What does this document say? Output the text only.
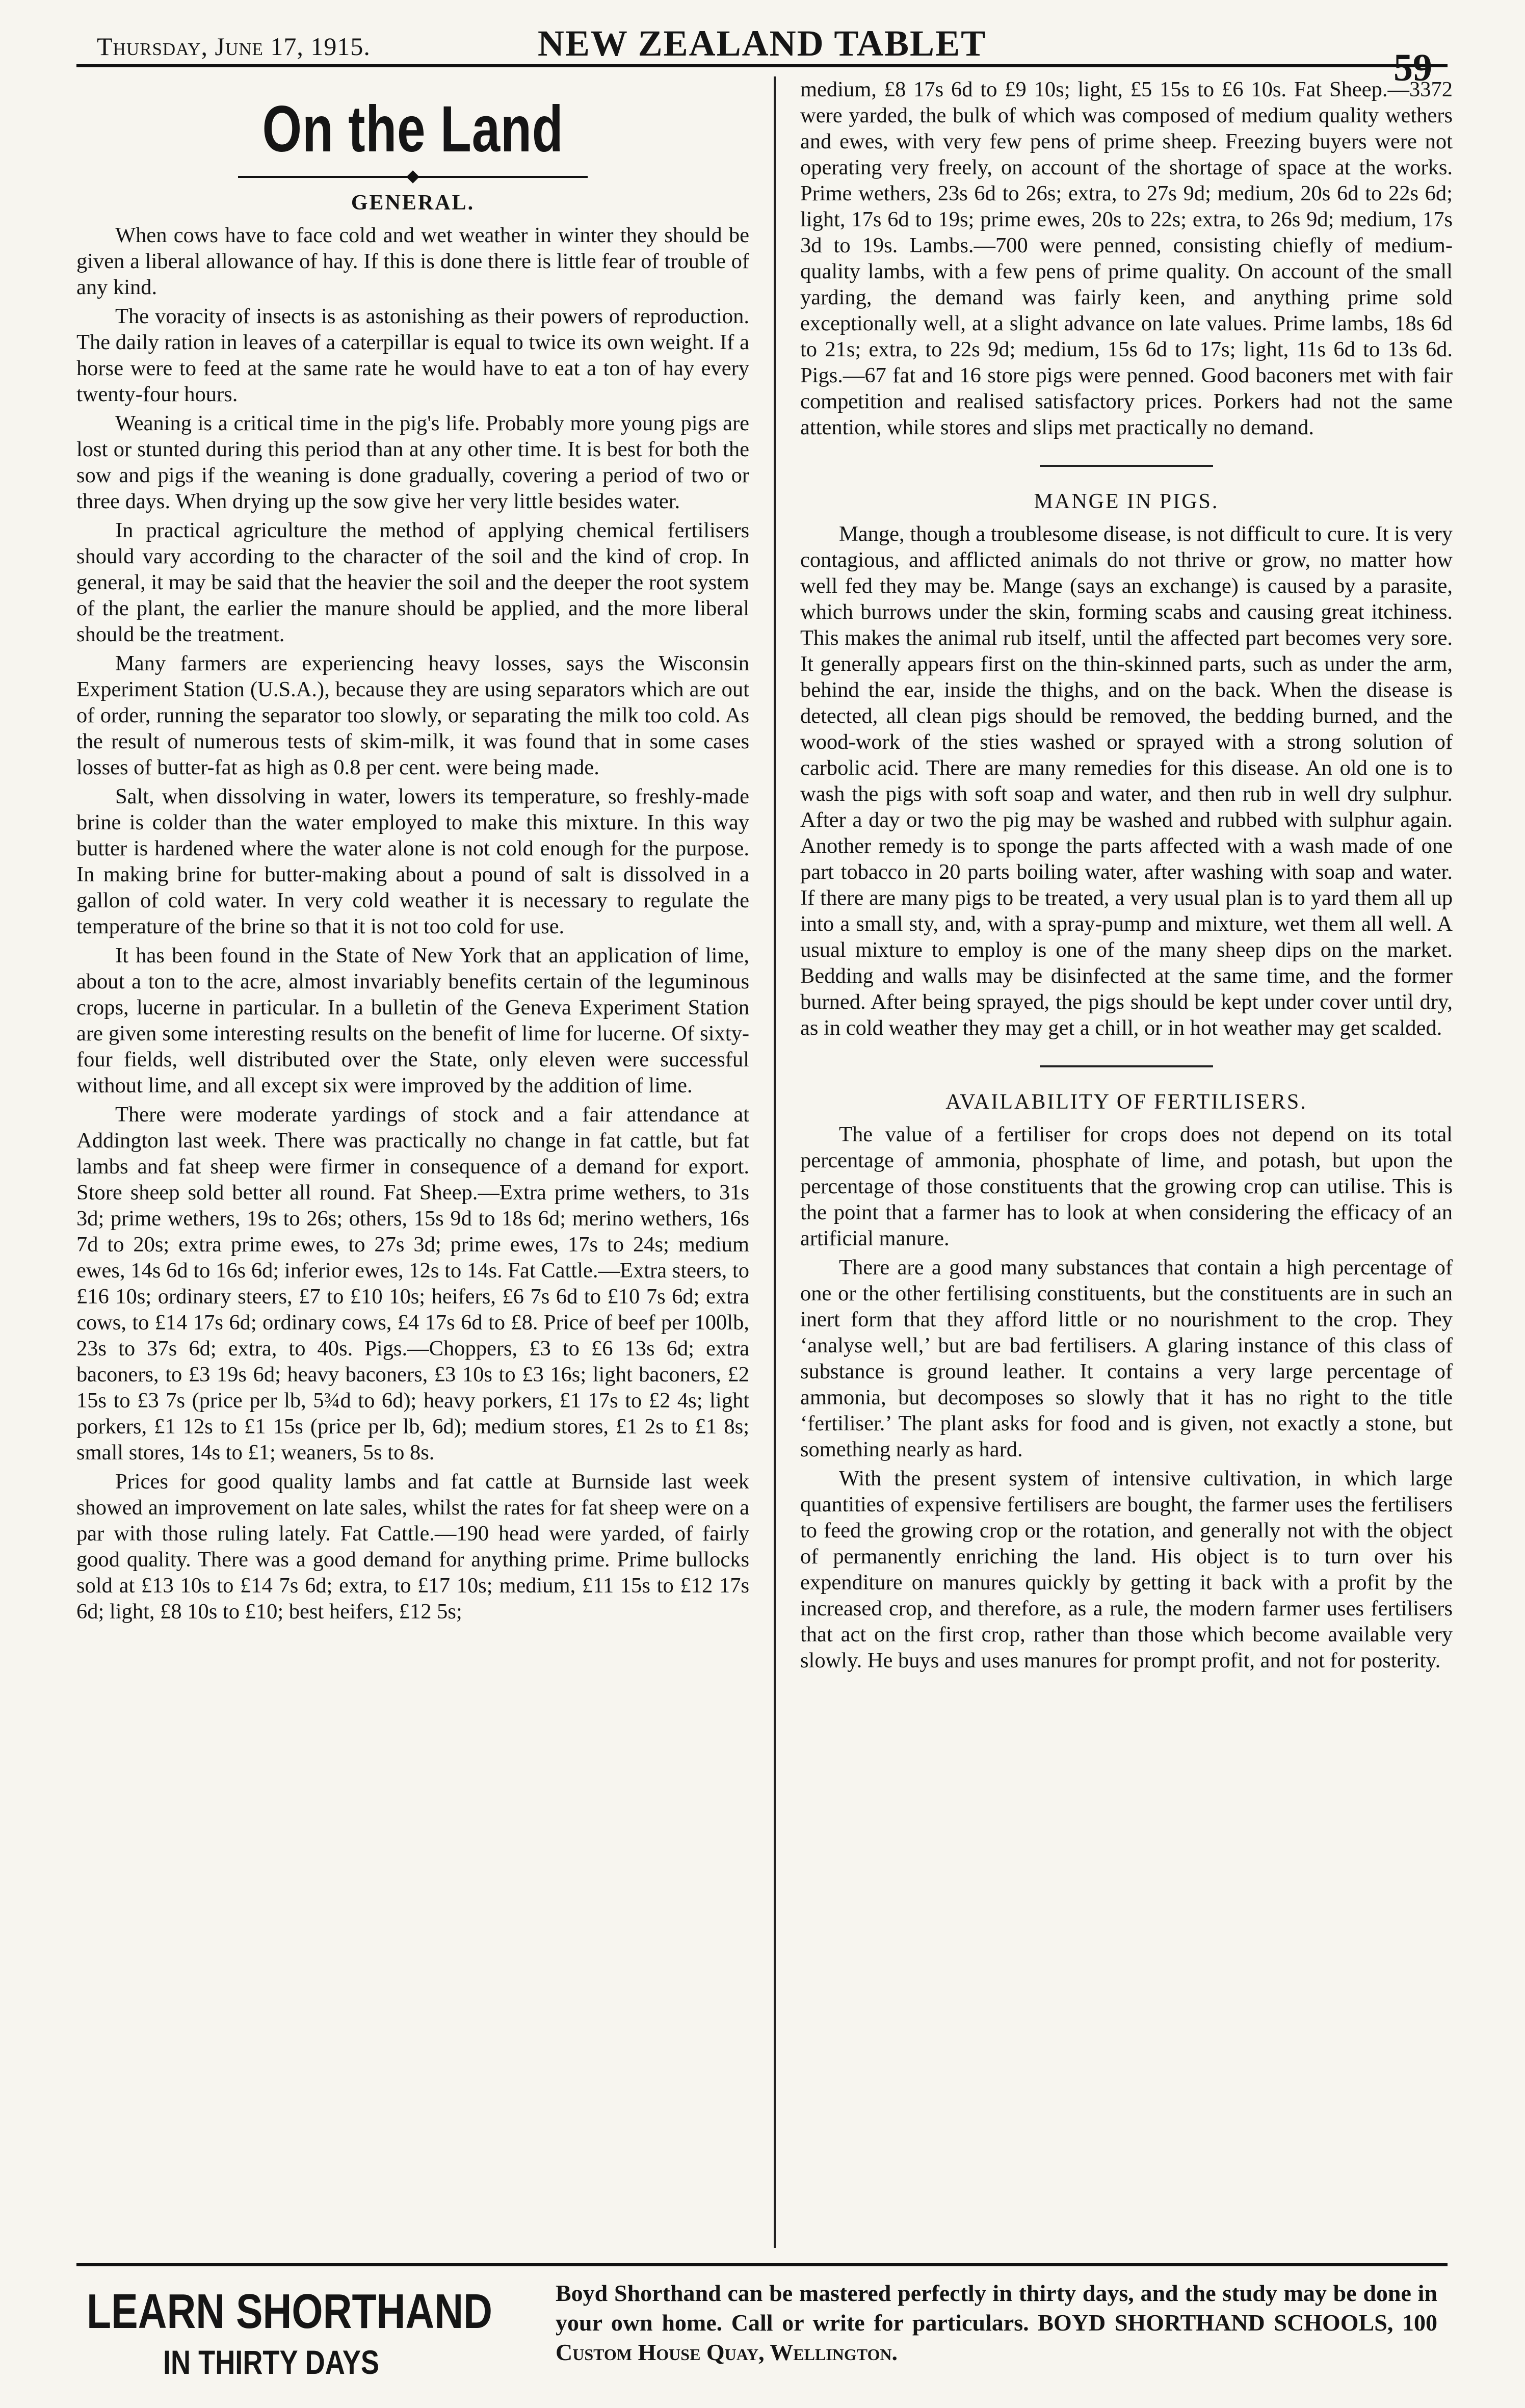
Thursday, June 17, 1915.	NEW ZEALAND TABLET
59
On the Land
GENERAL.

When cows have to face cold and wet weather in winter they should be given a liberal allowance of hay. If this is done there is little fear of trouble of any kind.

The voracity of insects is as astonishing as their powers of reproduction. The daily ration in leaves of a caterpillar is equal to twice its own weight. If a horse were to feed at the same rate he would have to eat a ton of hay every twenty-four hours.

Weaning is a critical time in the pig's life. Probably more young pigs are lost or stunted during this period than at any other time. It is best for both the sow and pigs if the weaning is done gradually, covering a period of two or three days. When drying up the sow give her very little besides water.

In practical agriculture the method of applying chemical fertilisers should vary according to the character of the soil and the kind of crop. In general, it may be said that the heavier the soil and the deeper the root system of the plant, the earlier the manure should be applied, and the more liberal should be the treatment.

Many farmers are experiencing heavy losses, says the Wisconsin Experiment Station (U.S.A.), because they are using separators which are out of order, running the separator too slowly, or separating the milk too cold. As the result of numerous tests of skim-milk, it was found that in some cases losses of butter-fat as high as 0.8 per cent. were being made.

Salt, when dissolving in water, lowers its temperature, so freshly-made brine is colder than the water employed to make this mixture. In this way butter is hardened where the water alone is not cold enough for the purpose. In making brine for butter-making about a pound of salt is dissolved in a gallon of cold water. In very cold weather it is necessary to regulate the temperature of the brine so that it is not too cold for use.

It has been found in the State of New York that an application of lime, about a ton to the acre, almost invariably benefits certain of the leguminous crops, lucerne in particular. In a bulletin of the Geneva Experiment Station are given some interesting results on the benefit of lime for lucerne. Of sixty-four fields, well distributed over the State, only eleven were successful without lime, and all except six were improved by the addition of lime.

There were moderate yardings of stock and a fair attendance at Addington last week. There was practically no change in fat cattle, but fat lambs and fat sheep were firmer in consequence of a demand for export. Store sheep sold better all round. Fat Sheep.—Extra prime wethers, to 31s 3d; prime wethers, 19s to 26s; others, 15s 9d to 18s 6d; merino wethers, 16s 7d to 20s; extra prime ewes, to 27s 3d; prime ewes, 17s to 24s; medium ewes, 14s 6d to 16s 6d; inferior ewes, 12s to 14s. Fat Cattle.—Extra steers, to £16 10s; ordinary steers, £7 to £10 10s; heifers, £6 7s 6d to £10 7s 6d; extra cows, to £14 17s 6d; ordinary cows, £4 17s 6d to £8. Price of beef per 100lb, 23s to 37s 6d; extra, to 40s. Pigs.—Choppers, £3 to £6 13s 6d; extra baconers, to £3 19s 6d; heavy baconers, £3 10s to £3 16s; light baconers, £2 15s to £3 7s (price per lb, 5¾d to 6d); heavy porkers, £1 17s to £2 4s; light porkers, £1 12s to £1 15s (price per lb, 6d); medium stores, £1 2s to £1 8s; small stores, 14s to £1; weaners, 5s to 8s.

Prices for good quality lambs and fat cattle at Burnside last week showed an improvement on late sales, whilst the rates for fat sheep were on a par with those ruling lately. Fat Cattle.—190 head were yarded, of fairly good quality. There was a good demand for anything prime. Prime bullocks sold at £13 10s to £14 7s 6d; extra, to £17 10s; medium, £11 15s to £12 17s 6d; light, £8 10s to £10; best heifers, £12 5s;

medium, £8 17s 6d to £9 10s; light, £5 15s to £6 10s. Fat Sheep.—3372 were yarded, the bulk of which was composed of medium quality wethers and ewes, with very few pens of prime sheep. Freezing buyers were not operating very freely, on account of the shortage of space at the works. Prime wethers, 23s 6d to 26s; extra, to 27s 9d; medium, 20s 6d to 22s 6d; light, 17s 6d to 19s; prime ewes, 20s to 22s; extra, to 26s 9d; medium, 17s 3d to 19s. Lambs.—700 were penned, consisting chiefly of medium-quality lambs, with a few pens of prime quality. On account of the small yarding, the demand was fairly keen, and anything prime sold exceptionally well, at a slight advance on late values. Prime lambs, 18s 6d to 21s; extra, to 22s 9d; medium, 15s 6d to 17s; light, 11s 6d to 13s 6d. Pigs.—67 fat and 16 store pigs were penned. Good baconers met with fair competition and realised satisfactory prices. Porkers had not the same attention, while stores and slips met practically no demand.

MANGE IN PIGS.

Mange, though a troublesome disease, is not difficult to cure. It is very contagious, and afflicted animals do not thrive or grow, no matter how well fed they may be. Mange (says an exchange) is caused by a parasite, which burrows under the skin, forming scabs and causing great itchiness. This makes the animal rub itself, until the affected part becomes very sore. It generally appears first on the thin-skinned parts, such as under the arm, behind the ear, inside the thighs, and on the back. When the disease is detected, all clean pigs should be removed, the bedding burned, and the wood-work of the sties washed or sprayed with a strong solution of carbolic acid. There are many remedies for this disease. An old one is to wash the pigs with soft soap and water, and then rub in well dry sulphur. After a day or two the pig may be washed and rubbed with sulphur again. Another remedy is to sponge the parts affected with a wash made of one part tobacco in 20 parts boiling water, after washing with soap and water. If there are many pigs to be treated, a very usual plan is to yard them all up into a small sty, and, with a spray-pump and mixture, wet them all well. A usual mixture to employ is one of the many sheep dips on the market. Bedding and walls may be disinfected at the same time, and the former burned. After being sprayed, the pigs should be kept under cover until dry, as in cold weather they may get a chill, or in hot weather may get scalded.

AVAILABILITY OF FERTILISERS.

The value of a fertiliser for crops does not depend on its total percentage of ammonia, phosphate of lime, and potash, but upon the percentage of those constituents that the growing crop can utilise. This is the point that a farmer has to look at when considering the efficacy of an artificial manure.

There are a good many substances that contain a high percentage of one or the other fertilising constituents, but the constituents are in such an inert form that they afford little or no nourishment to the crop. They ‘analyse well,’ but are bad fertilisers. A glaring instance of this class of substance is ground leather. It contains a very large percentage of ammonia, but decomposes so slowly that it has no right to the title ‘fertiliser.’ The plant asks for food and is given, not exactly a stone, but something nearly as hard.

With the present system of intensive cultivation, in which large quantities of expensive fertilisers are bought, the farmer uses the fertilisers to feed the growing crop or the rotation, and generally not with the object of permanently enriching the land. His object is to turn over his expenditure on manures quickly by getting it back with a profit by the increased crop, and therefore, as a rule, the modern farmer uses fertilisers that act on the first crop, rather than those which become available very slowly. He buys and uses manures for prompt profit, and not for posterity.

LEARN SHORTHAND
IN THIRTY DAYS
Boyd Shorthand can be mastered perfectly in thirty days, and the study may be done in your own home. Call or write for particulars. BOYD SHORTHAND SCHOOLS, 100 Custom House Quay, Wellington.
